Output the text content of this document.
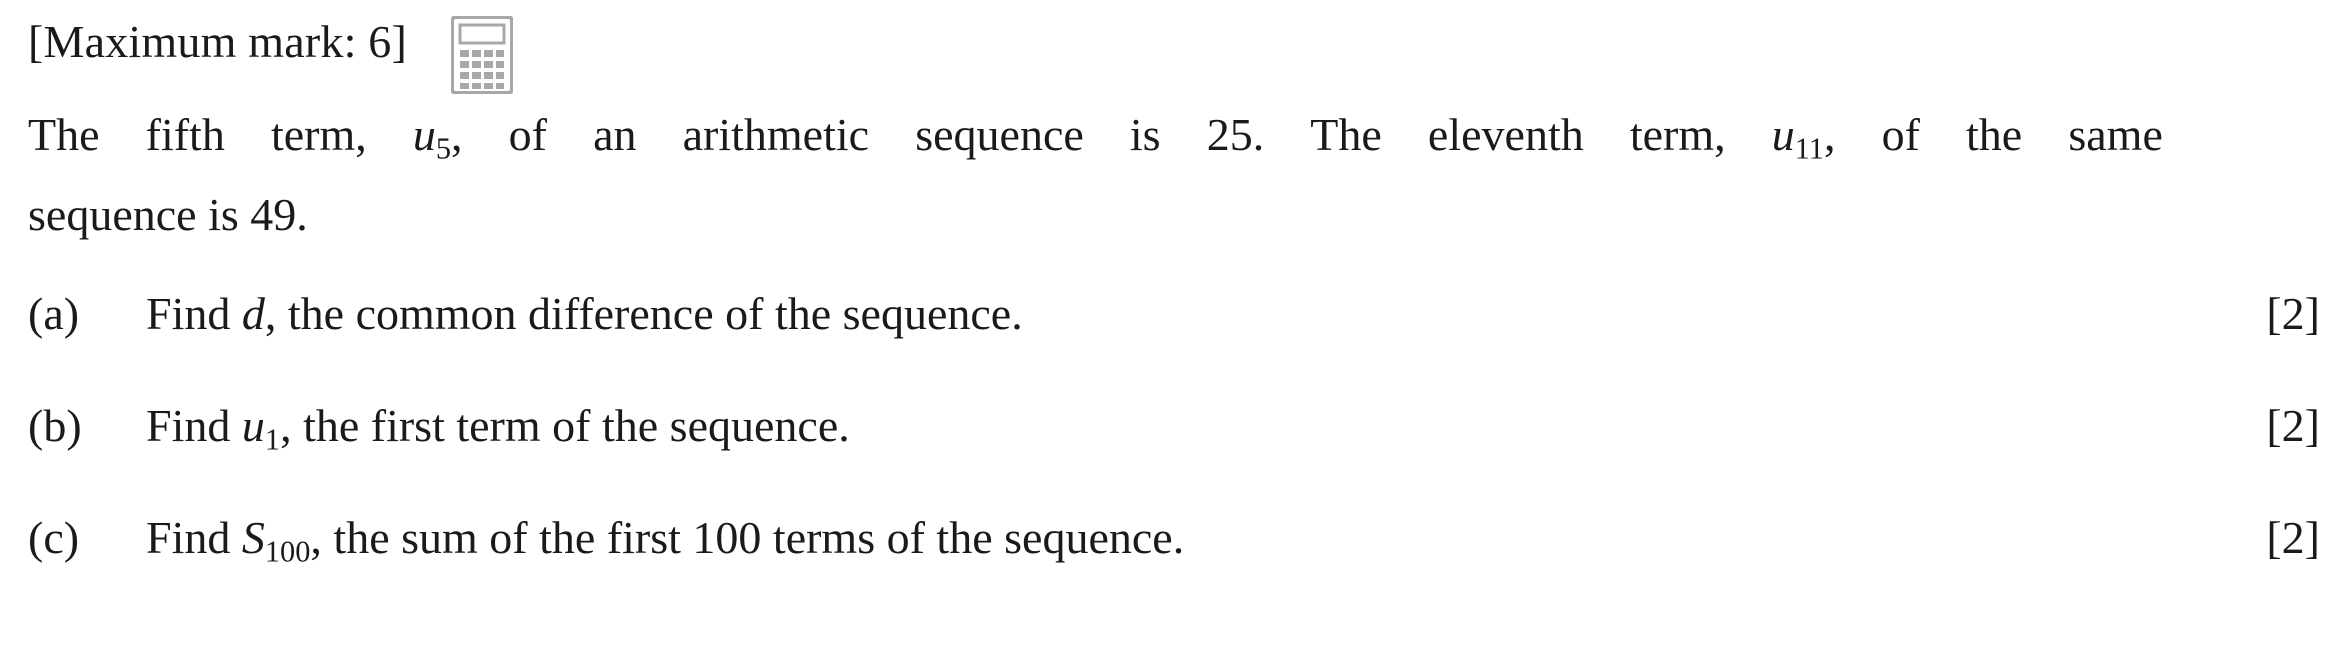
[Maximum mark: 6]
The fifth term, $u_5$, of an arithmetic sequence is 25. The eleventh term, $u_{11}$, of the same
sequence is 49.
(a)	Find d, the common difference of the sequence.	[2]
(b)	Find $u_1$, the first term of the sequence.	[2]
(c)	Find $S_{100}$, the sum of the first 100 terms of the sequence.	[2]
